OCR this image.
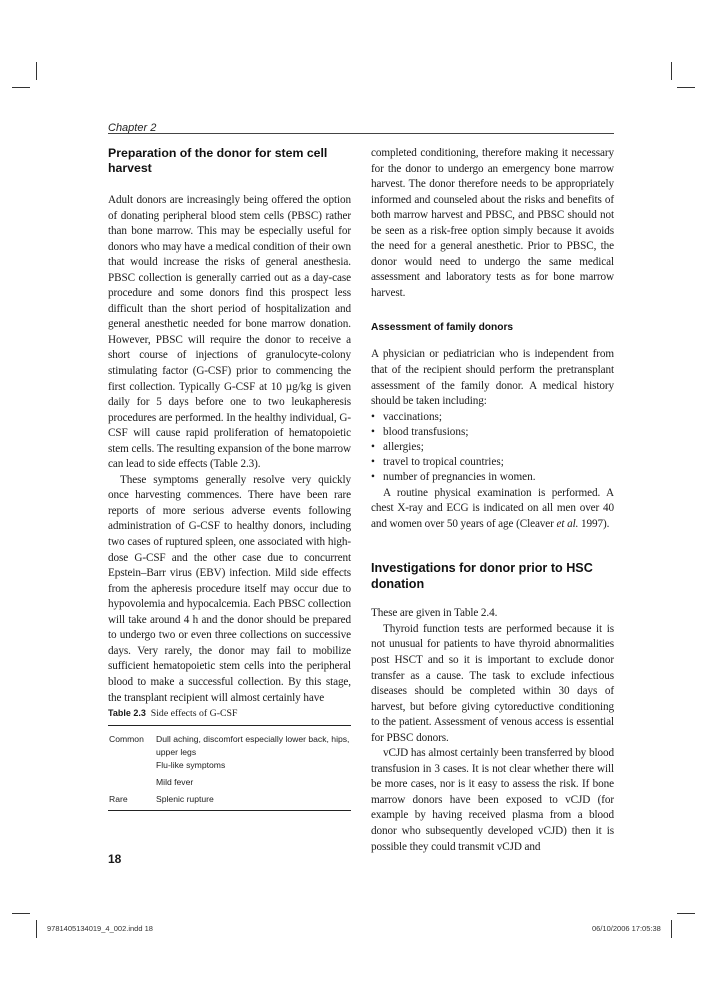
Chapter 2
Preparation of the donor for stem cell harvest

Adult donors are increasingly being offered the option of donating peripheral blood stem cells (PBSC) rather than bone marrow. This may be especially useful for donors who may have a medical condition of their own that would increase the risks of general anesthesia. PBSC collection is generally carried out as a day-case procedure and some donors find this prospect less difficult than the short period of hospitalization and general anesthetic needed for bone marrow donation. However, PBSC will require the donor to receive a short course of injections of granulocyte-colony stimulating factor (G-CSF) prior to commencing the first collection. Typically G-CSF at 10 µg/kg is given daily for 5 days before one to two leukapheresis procedures are performed. In the healthy individual, G-CSF will cause rapid proliferation of hematopoietic stem cells. The resulting expansion of the bone marrow can lead to side effects (Table 2.3).

These symptoms generally resolve very quickly once harvesting commences. There have been rare reports of more serious adverse events following administration of G-CSF to healthy donors, including two cases of ruptured spleen, one associated with high-dose G-CSF and the other case due to concurrent Epstein–Barr virus (EBV) infection. Mild side effects from the apheresis procedure itself may occur due to hypovolemia and hypocalcemia. Each PBSC collection will take around 4 h and the donor should be prepared to undergo two or even three collections on successive days. Very rarely, the donor may fail to mobilize sufficient hematopoietic stem cells into the peripheral blood to make a successful collection. By this stage, the transplant recipient will almost certainly have

Table 2.3 Side effects of G-CSF
Common Dull aching, discomfort especially lower back, hips, upper legs
Flu-like symptoms
Mild fever
Rare	Splenic rupture

completed conditioning, therefore making it necessary for the donor to undergo an emergency bone marrow harvest. The donor therefore needs to be appropriately informed and counseled about the risks and benefits of both marrow harvest and PBSC, and PBSC should not be seen as a risk-free option simply because it avoids the need for a general anesthetic. Prior to PBSC, the donor would need to undergo the same medical assessment and laboratory tests as for bone marrow harvest.

Assessment of family donors

A physician or pediatrician who is independent from that of the recipient should perform the pretransplant assessment of the family donor. A medical history should be taken including:

• vaccinations;
• blood transfusions;
• allergies;
• travel to tropical countries;
• number of pregnancies in women.

A routine physical examination is performed. A chest X-ray and ECG is indicated on all men over 40 and women over 50 years of age (Cleaver et al. 1997).

Investigations for donor prior to HSC donation

These are given in Table 2.4.

Thyroid function tests are performed because it is not unusual for patients to have thyroid abnormalities post HSCT and so it is important to exclude donor transfer as a cause. The task to exclude infectious diseases should be completed within 30 days of harvest, but before giving cytoreductive conditioning to the patient. Assessment of venous access is essential for PBSC donors.

vCJD has almost certainly been transferred by blood transfusion in 3 cases. It is not clear whether there will be more cases, nor is it easy to assess the risk. If bone marrow donors have been exposed to vCJD (for example by having received plasma from a blood donor who subsequently developed vCJD) then it is possible they could transmit vCJD and

18
9781405134019_4_002.indd 18	06/10/2006 17:05:38
